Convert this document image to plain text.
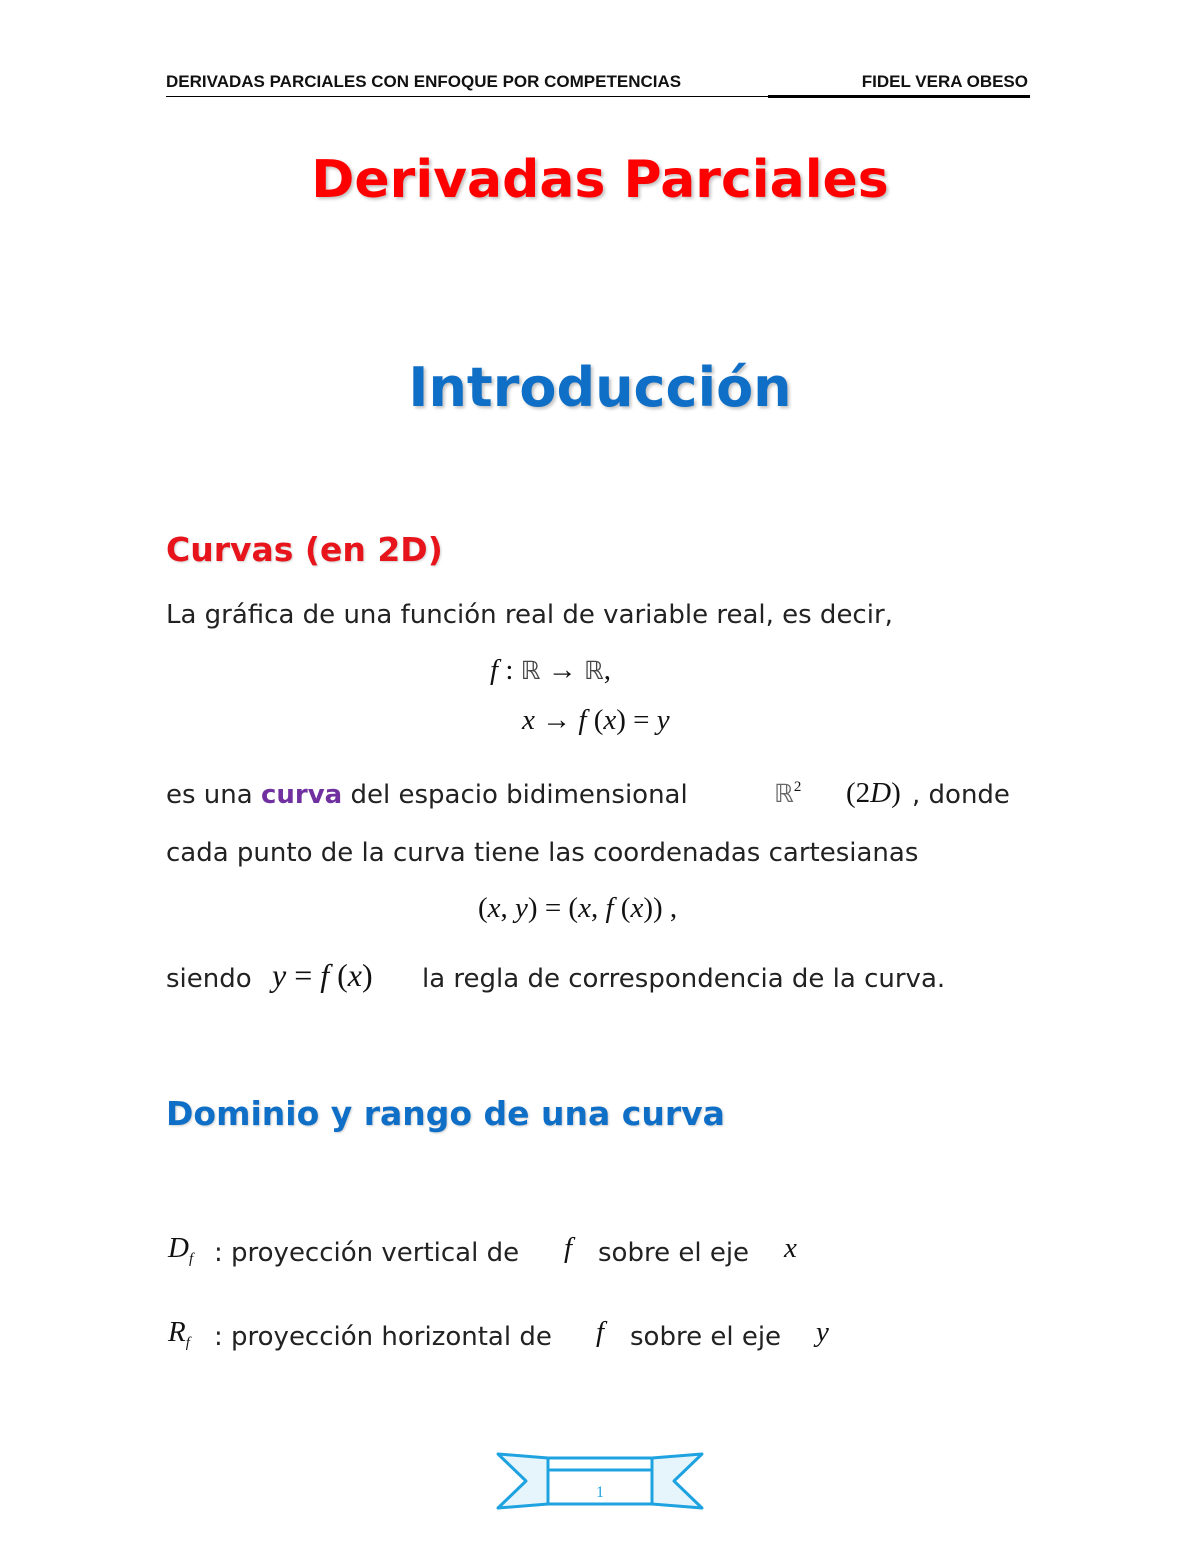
DERIVADAS PARCIALES CON ENFOQUE POR COMPETENCIAS	FIDEL VERA OBESO
Derivadas Parciales
Introducción
Curvas (en 2D)
La gráfica de una función real de variable real, es decir,
f : ℝ → ℝ,
x → f (x) = y
es una curva del espacio bidimensional	ℝ$^2$ (2D) , donde
cada punto de la curva tiene las coordenadas cartesianas
(x, y) = (x, f (x)) ,
siendo y = f (x) la regla de correspondencia de la curva.
Dominio y rango de una curva
$D_f$ : proyección vertical de f sobre el eje x
$R_f$ : proyección horizontal de f sobre el eje y
1
